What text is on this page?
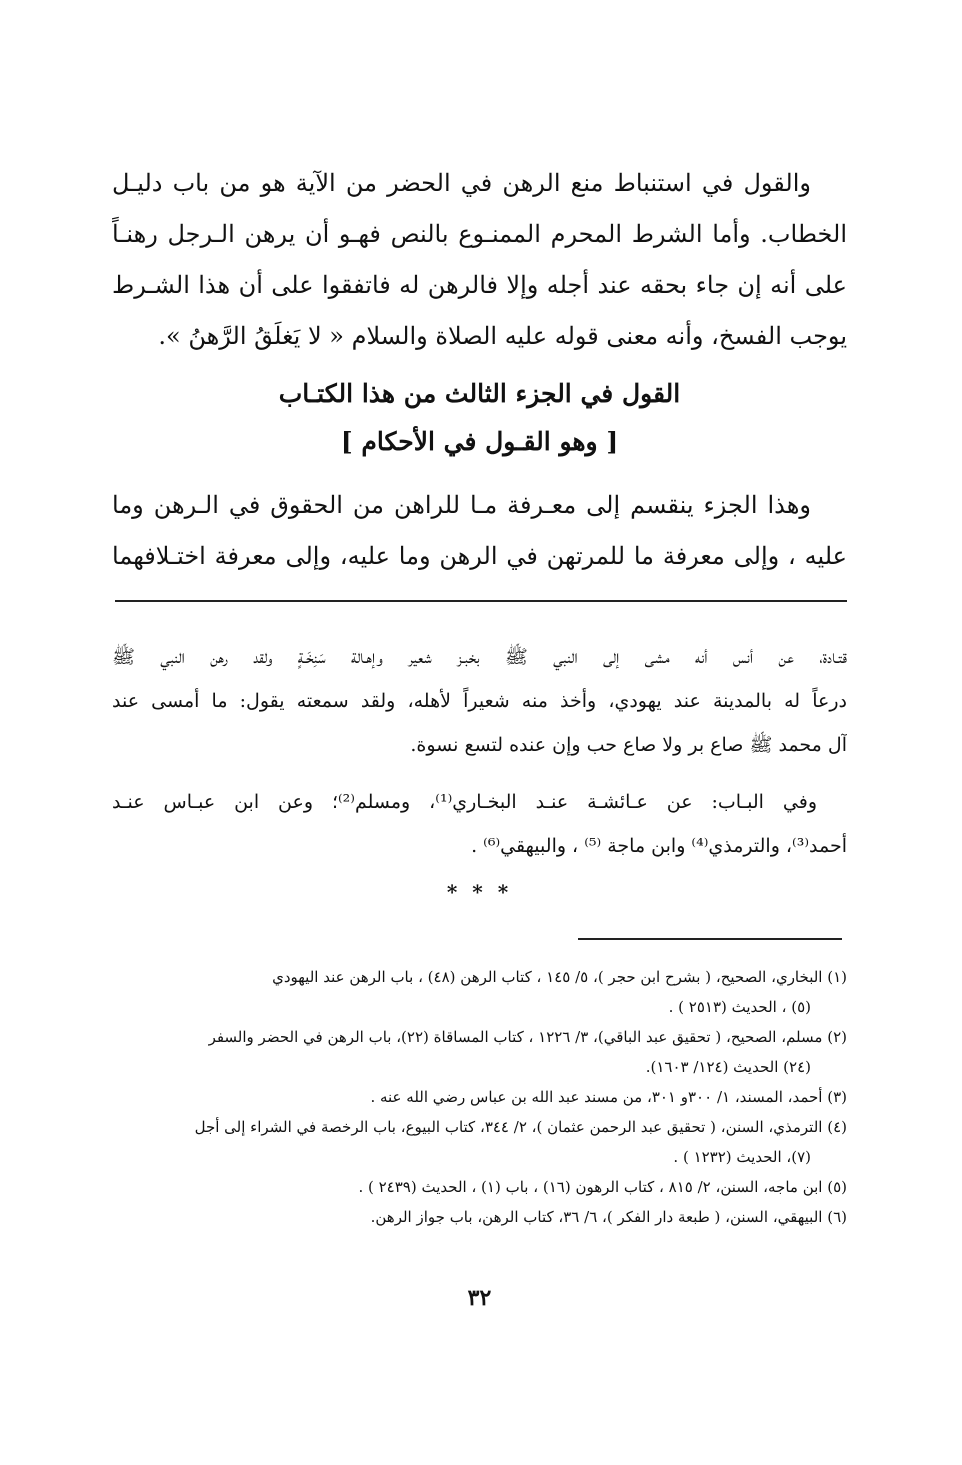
والقول في استنباط منع الرهن في الحضر من الآية هو من باب دليـل
الخطاب. وأما الشرط المحرم الممنـوع بالنص فهـو أن يرهن الـرجل رهنـاً
على أنه إن جاء بحقه عند أجله وإلا فالرهن له فاتفقوا على أن هذا الشـرط
يوجب الفسخ، وأنه معنى قوله عليه الصلاة والسلام « لا يَغلَقُ الرَّهنُ ».
القول في الجزء الثالث من هذا الكتـاب
[ وهو القـول في الأحكام ]
وهذا الجزء ينقسم إلى معـرفة مـا للراهن من الحقوق في الـرهن وما
عليه ، وإلى معرفة ما للمرتهن في الرهن وما عليه، وإلى معرفة اختـلافهما
قتـادة، عن أنس أنه مشى إلى النبي ﷺ بخبـز شعير وإهـالة سَنِخَـةٍ ولقد رهن النبي ﷺ
درعاً له بالمدينة عند يهودي، وأخذ منه شعيراً لأهله، ولقد سمعته يقول: ما أمسى عند
آل محمد ﷺ صاع بر ولا صاع حب وإن عنده لتسع نسوة.
وفي البـاب: عن عـائشـة عنـد البخـاري⁽¹⁾، ومسلم⁽²⁾؛ وعن ابن عبـاس عنـد
أحمد⁽³⁾، والترمذي⁽⁴⁾ وابن ماجة ⁽⁵⁾ ، والبيهقي⁽⁶⁾ .
* * *
(١) البخاري، الصحيح، ( بشرح ابن حجر )، ٥/ ١٤٥ ، كتاب الرهن (٤٨) ، باب الرهن عند اليهودي
(٥) ، الحديث (٢٥١٣ ) .
(٢) مسلم، الصحيح، ( تحقيق عبد الباقي)، ٣/ ١٢٢٦ ، كتاب المساقاة (٢٢)، باب الرهن في الحضر والسفر
(٢٤) الحديث (١٢٤/ ١٦٠٣).
(٣) أحمد، المسند، ١/ ٣٠٠و ٣٠١، من مسند عبد الله بن عباس رضي الله عنه .
(٤) الترمذي، السنن، ( تحقيق عبد الرحمن عثمان )، ٢/ ٣٤٤، كتاب البيوع، باب الرخصة في الشراء إلى أجل
(٧)، الحديث (١٢٣٢ ) .
(٥) ابن ماجه، السنن، ٢/ ٨١٥ ، كتاب الرهون (١٦) ، باب (١) ، الحديث (٢٤٣٩ ) .
(٦) البيهقي، السنن، ( طبعة دار الفكر )، ٦/ ٣٦، كتاب الرهن، باب جواز الرهن.
٣٢
